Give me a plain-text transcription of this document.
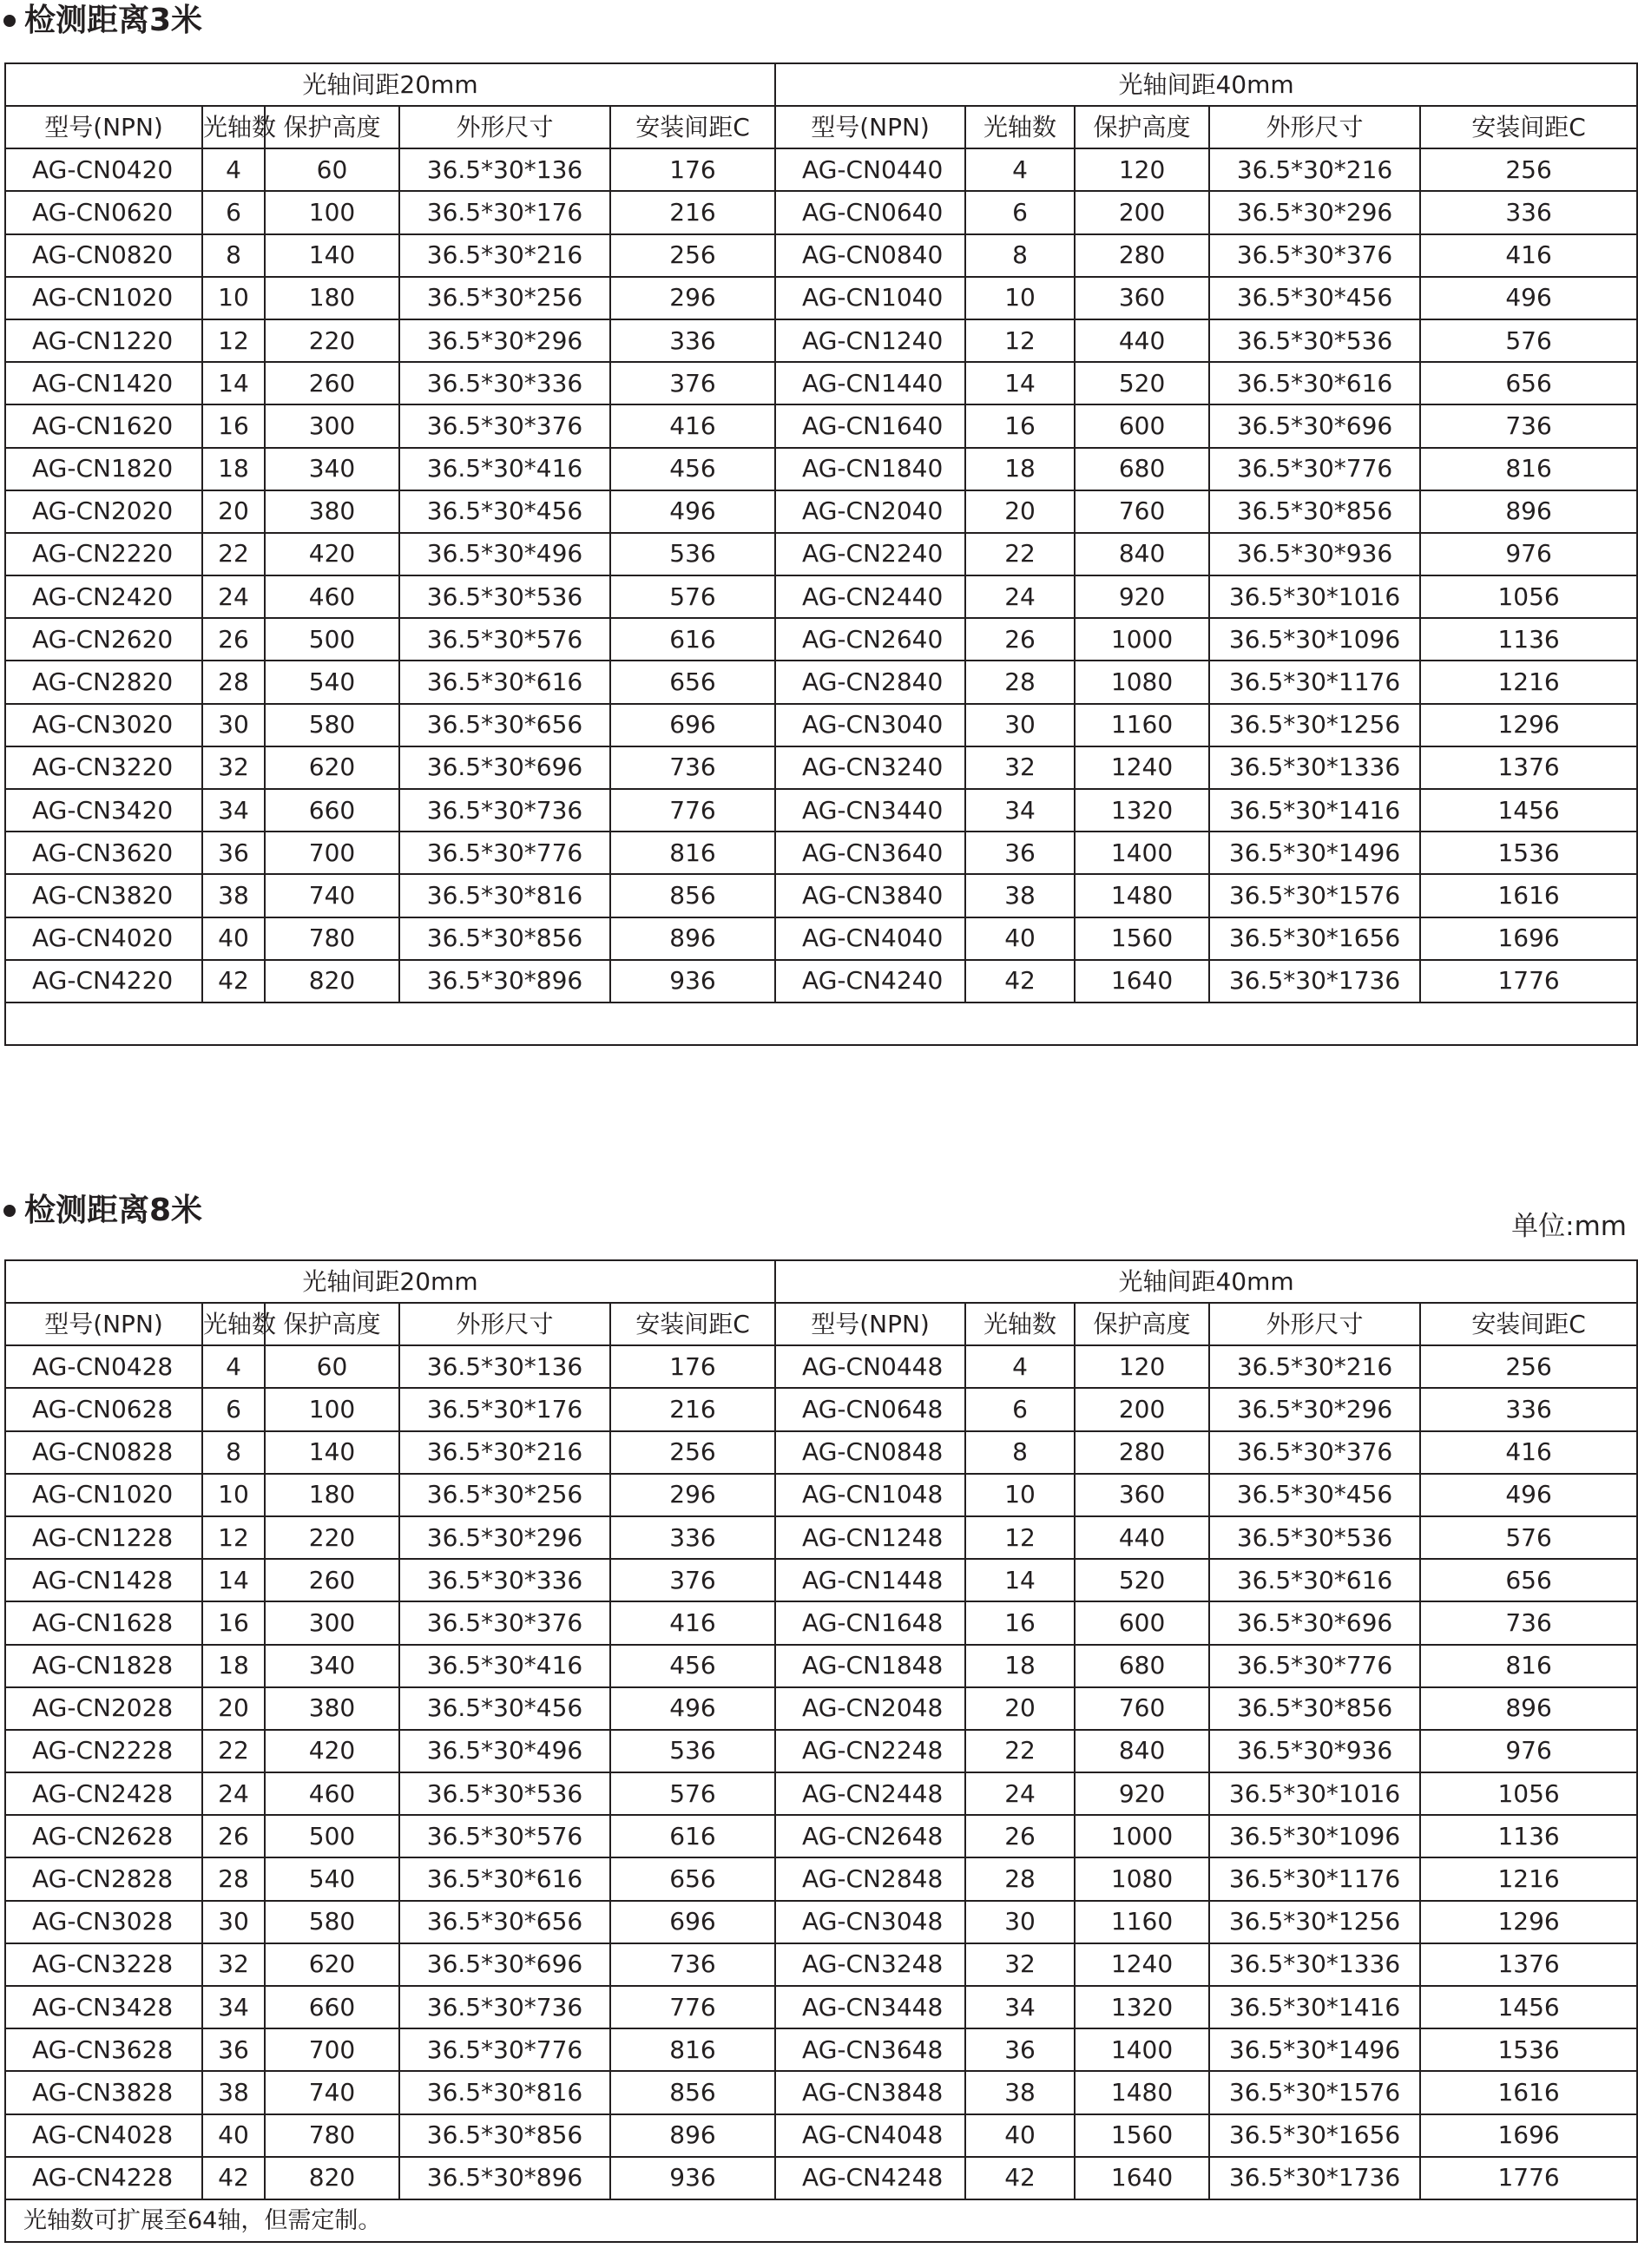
检测距离3米
光轴间距20mm					光轴间距40mm				
型号(NPN)	光轴数	保护高度	外形尺寸	安装间距C	型号(NPN)	光轴数	保护高度	外形尺寸	安装间距C
AG-CN0420	4	60	36.5*30*136	176	AG-CN0440	4	120	36.5*30*216	256
AG-CN0620	6	100	36.5*30*176	216	AG-CN0640	6	200	36.5*30*296	336
AG-CN0820	8	140	36.5*30*216	256	AG-CN0840	8	280	36.5*30*376	416
AG-CN1020	10	180	36.5*30*256	296	AG-CN1040	10	360	36.5*30*456	496
AG-CN1220	12	220	36.5*30*296	336	AG-CN1240	12	440	36.5*30*536	576
AG-CN1420	14	260	36.5*30*336	376	AG-CN1440	14	520	36.5*30*616	656
AG-CN1620	16	300	36.5*30*376	416	AG-CN1640	16	600	36.5*30*696	736
AG-CN1820	18	340	36.5*30*416	456	AG-CN1840	18	680	36.5*30*776	816
AG-CN2020	20	380	36.5*30*456	496	AG-CN2040	20	760	36.5*30*856	896
AG-CN2220	22	420	36.5*30*496	536	AG-CN2240	22	840	36.5*30*936	976
AG-CN2420	24	460	36.5*30*536	576	AG-CN2440	24	920	36.5*30*1016	1056
AG-CN2620	26	500	36.5*30*576	616	AG-CN2640	26	1000	36.5*30*1096	1136
AG-CN2820	28	540	36.5*30*616	656	AG-CN2840	28	1080	36.5*30*1176	1216
AG-CN3020	30	580	36.5*30*656	696	AG-CN3040	30	1160	36.5*30*1256	1296
AG-CN3220	32	620	36.5*30*696	736	AG-CN3240	32	1240	36.5*30*1336	1376
AG-CN3420	34	660	36.5*30*736	776	AG-CN3440	34	1320	36.5*30*1416	1456
AG-CN3620	36	700	36.5*30*776	816	AG-CN3640	36	1400	36.5*30*1496	1536
AG-CN3820	38	740	36.5*30*816	856	AG-CN3840	38	1480	36.5*30*1576	1616
AG-CN4020	40	780	36.5*30*856	896	AG-CN4040	40	1560	36.5*30*1656	1696
AG-CN4220	42	820	36.5*30*896	936	AG-CN4240	42	1640	36.5*30*1736	1776

检测距离8米	单位:mm
光轴间距20mm					光轴间距40mm				
型号(NPN)	光轴数	保护高度	外形尺寸	安装间距C	型号(NPN)	光轴数	保护高度	外形尺寸	安装间距C
AG-CN0428	4	60	36.5*30*136	176	AG-CN0448	4	120	36.5*30*216	256
AG-CN0628	6	100	36.5*30*176	216	AG-CN0648	6	200	36.5*30*296	336
AG-CN0828	8	140	36.5*30*216	256	AG-CN0848	8	280	36.5*30*376	416
AG-CN1020	10	180	36.5*30*256	296	AG-CN1048	10	360	36.5*30*456	496
AG-CN1228	12	220	36.5*30*296	336	AG-CN1248	12	440	36.5*30*536	576
AG-CN1428	14	260	36.5*30*336	376	AG-CN1448	14	520	36.5*30*616	656
AG-CN1628	16	300	36.5*30*376	416	AG-CN1648	16	600	36.5*30*696	736
AG-CN1828	18	340	36.5*30*416	456	AG-CN1848	18	680	36.5*30*776	816
AG-CN2028	20	380	36.5*30*456	496	AG-CN2048	20	760	36.5*30*856	896
AG-CN2228	22	420	36.5*30*496	536	AG-CN2248	22	840	36.5*30*936	976
AG-CN2428	24	460	36.5*30*536	576	AG-CN2448	24	920	36.5*30*1016	1056
AG-CN2628	26	500	36.5*30*576	616	AG-CN2648	26	1000	36.5*30*1096	1136
AG-CN2828	28	540	36.5*30*616	656	AG-CN2848	28	1080	36.5*30*1176	1216
AG-CN3028	30	580	36.5*30*656	696	AG-CN3048	30	1160	36.5*30*1256	1296
AG-CN3228	32	620	36.5*30*696	736	AG-CN3248	32	1240	36.5*30*1336	1376
AG-CN3428	34	660	36.5*30*736	776	AG-CN3448	34	1320	36.5*30*1416	1456
AG-CN3628	36	700	36.5*30*776	816	AG-CN3648	36	1400	36.5*30*1496	1536
AG-CN3828	38	740	36.5*30*816	856	AG-CN3848	38	1480	36.5*30*1576	1616
AG-CN4028	40	780	36.5*30*856	896	AG-CN4048	40	1560	36.5*30*1656	1696
AG-CN4228	42	820	36.5*30*896	936	AG-CN4248	42	1640	36.5*30*1736	1776
光轴数可扩展至64轴，但需定制。									
